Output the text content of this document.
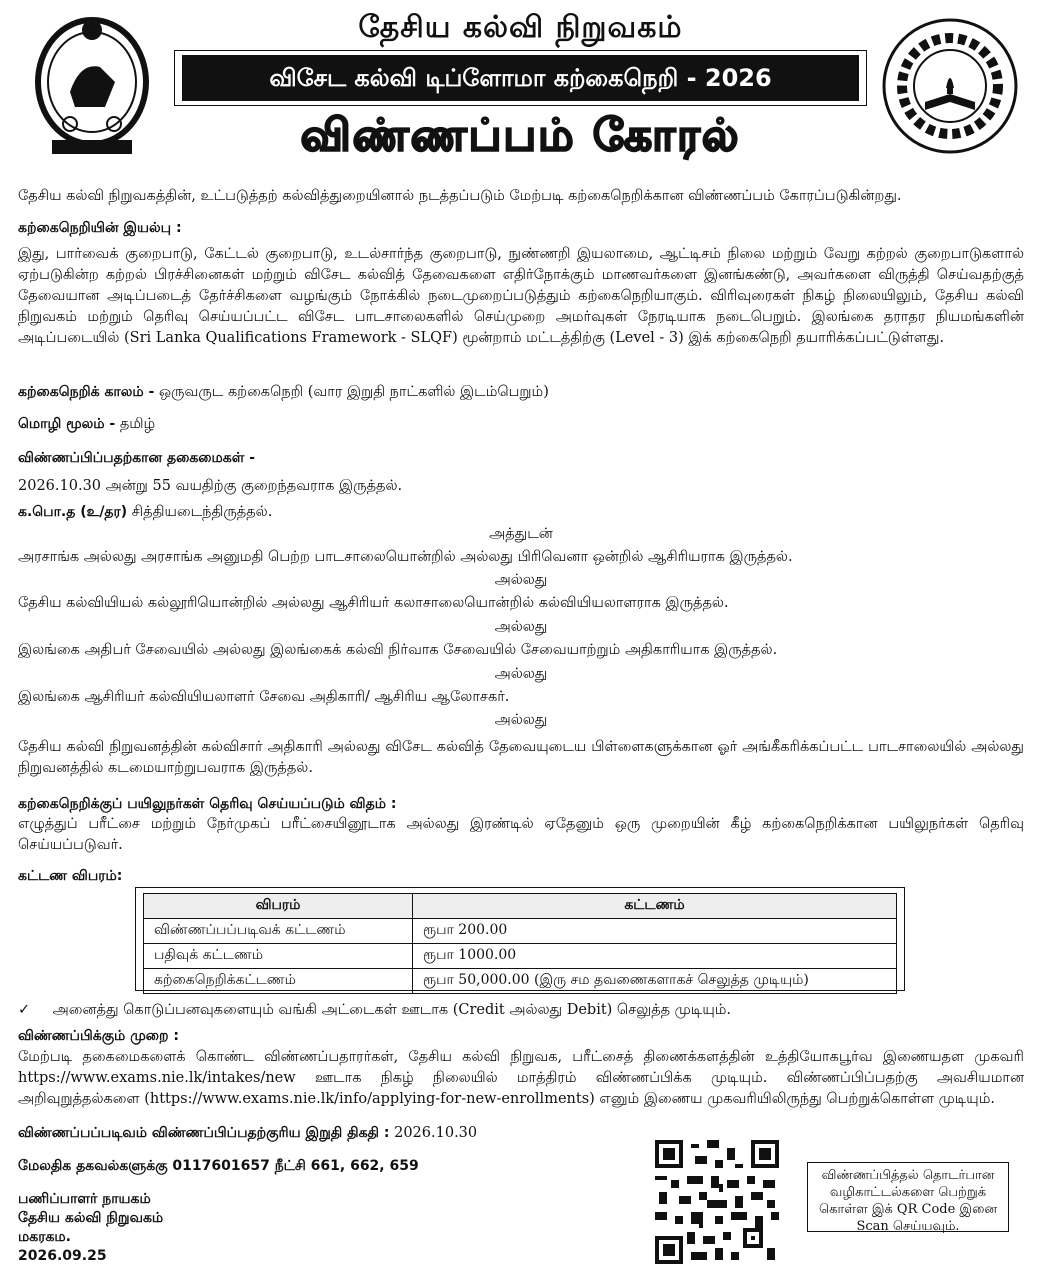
தேசிய கல்வி நிறுவகம்
விசேட கல்வி டிப்ளோமா கற்கைநெறி - 2026
விண்ணப்பம் கோரல்
தேசிய கல்வி நிறுவகத்தின், உட்படுத்தற் கல்வித்துறையினால் நடத்தப்படும் மேற்படி கற்கைநெறிக்கான விண்ணப்பம் கோரப்படுகின்றது.
கற்கைநெறியின் இயல்பு :
இது, பார்வைக் குறைபாடு, கேட்டல் குறைபாடு, உடல்சார்ந்த குறைபாடு, நுண்ணறி இயலாமை, ஆட்டிசம் நிலை மற்றும் வேறு கற்றல் குறைபாடுகளால் ஏற்படுகின்ற கற்றல் பிரச்சினைகள் மற்றும் விசேட கல்வித் தேவைகளை எதிர்நோக்கும் மாணவர்களை இனங்கண்டு, அவர்களை விருத்தி செய்வதற்குத் தேவையான அடிப்படைத் தேர்ச்சிகளை வழங்கும் நோக்கில் நடைமுறைப்படுத்தும் கற்கைநெறியாகும். விரிவுரைகள் நிகழ் நிலையிலும், தேசிய கல்வி நிறுவகம் மற்றும் தெரிவு செய்யப்பட்ட விசேட பாடசாலைகளில் செய்முறை அமர்வுகள் நேரடியாக நடைபெறும். இலங்கை தராதர நியமங்களின் அடிப்படையில் (Sri Lanka Qualifications Framework - SLQF) மூன்றாம் மட்டத்திற்கு (Level - 3) இக் கற்கைநெறி தயாரிக்கப்பட்டுள்ளது.
கற்கைநெறிக் காலம் - ஒருவருட கற்கைநெறி (வார இறுதி நாட்களில் இடம்பெறும்)
மொழி மூலம் - தமிழ்
விண்ணப்பிப்பதற்கான தகைமைகள் -
2026.10.30 அன்று 55 வயதிற்கு குறைந்தவராக இருத்தல்.
க.பொ.த (உ/தர) சித்தியடைந்திருத்தல்.
அத்துடன்
அரசாங்க அல்லது அரசாங்க அனுமதி பெற்ற பாடசாலையொன்றில் அல்லது பிரிவெனா ஒன்றில் ஆசிரியராக இருத்தல்.
அல்லது
தேசிய கல்வியியல் கல்லூரியொன்றில் அல்லது ஆசிரியர் கலாசாலையொன்றில் கல்வியியலாளராக இருத்தல்.
அல்லது
இலங்கை அதிபர் சேவையில் அல்லது இலங்கைக் கல்வி நிர்வாக சேவையில் சேவையாற்றும் அதிகாரியாக இருத்தல்.
அல்லது
இலங்கை ஆசிரியர் கல்வியியலாளர் சேவை அதிகாரி/ ஆசிரிய ஆலோசகர்.
அல்லது
தேசிய கல்வி நிறுவனத்தின் கல்விசார் அதிகாரி அல்லது விசேட கல்வித் தேவையுடைய பிள்ளைகளுக்கான ஓர் அங்கீகரிக்கப்பட்ட பாடசாலையில் அல்லது நிறுவனத்தில் கடமையாற்றுபவராக இருத்தல்.
கற்கைநெறிக்குப் பயிலுநர்கள் தெரிவு செய்யப்படும் விதம் :
எழுத்துப் பரீட்சை மற்றும் நேர்முகப் பரீட்சையினூடாக அல்லது இரண்டில் ஏதேனும் ஒரு முறையின் கீழ் கற்கைநெறிக்கான பயிலுநர்கள் தெரிவு செய்யப்படுவர்.
கட்டண விபரம்:
விபரம்	கட்டணம்
விண்ணப்பப்படிவக் கட்டணம்	ரூபா 200.00
பதிவுக் கட்டணம்	ரூபா 1000.00
கற்கைநெறிக்கட்டணம்	ரூபா 50,000.00 (இரு சம தவணைகளாகச் செலுத்த முடியும்)
✓ அனைத்து கொடுப்பனவுகளையும் வங்கி அட்டைகள் ஊடாக (Credit அல்லது Debit) செலுத்த முடியும்.
விண்ணப்பிக்கும் முறை :
மேற்படி தகைமைகளைக் கொண்ட விண்ணப்பதாரர்கள், தேசிய கல்வி நிறுவக, பரீட்சைத் திணைக்களத்தின் உத்தியோகபூர்வ இணையதள முகவரி https://www.exams.nie.lk/intakes/new ஊடாக நிகழ் நிலையில் மாத்திரம் விண்ணப்பிக்க முடியும். விண்ணப்பிப்பதற்கு அவசியமான அறிவுறுத்தல்களை (https://www.exams.nie.lk/info/applying-for-new-enrollments) எனும் இணைய முகவரியிலிருந்து பெற்றுக்கொள்ள முடியும்.
விண்ணப்பப்படிவம் விண்ணப்பிப்பதற்குரிய இறுதி திகதி : 2026.10.30
மேலதிக தகவல்களுக்கு 0117601657 நீட்சி 661, 662, 659
பணிப்பாளர் நாயகம்
தேசிய கல்வி நிறுவகம்
மகரகம.
2026.09.25
விண்ணப்பித்தல் தொடர்பான வழிகாட்டல்களை பெற்றுக் கொள்ள இக் QR Code இனை Scan செய்யவும்.
